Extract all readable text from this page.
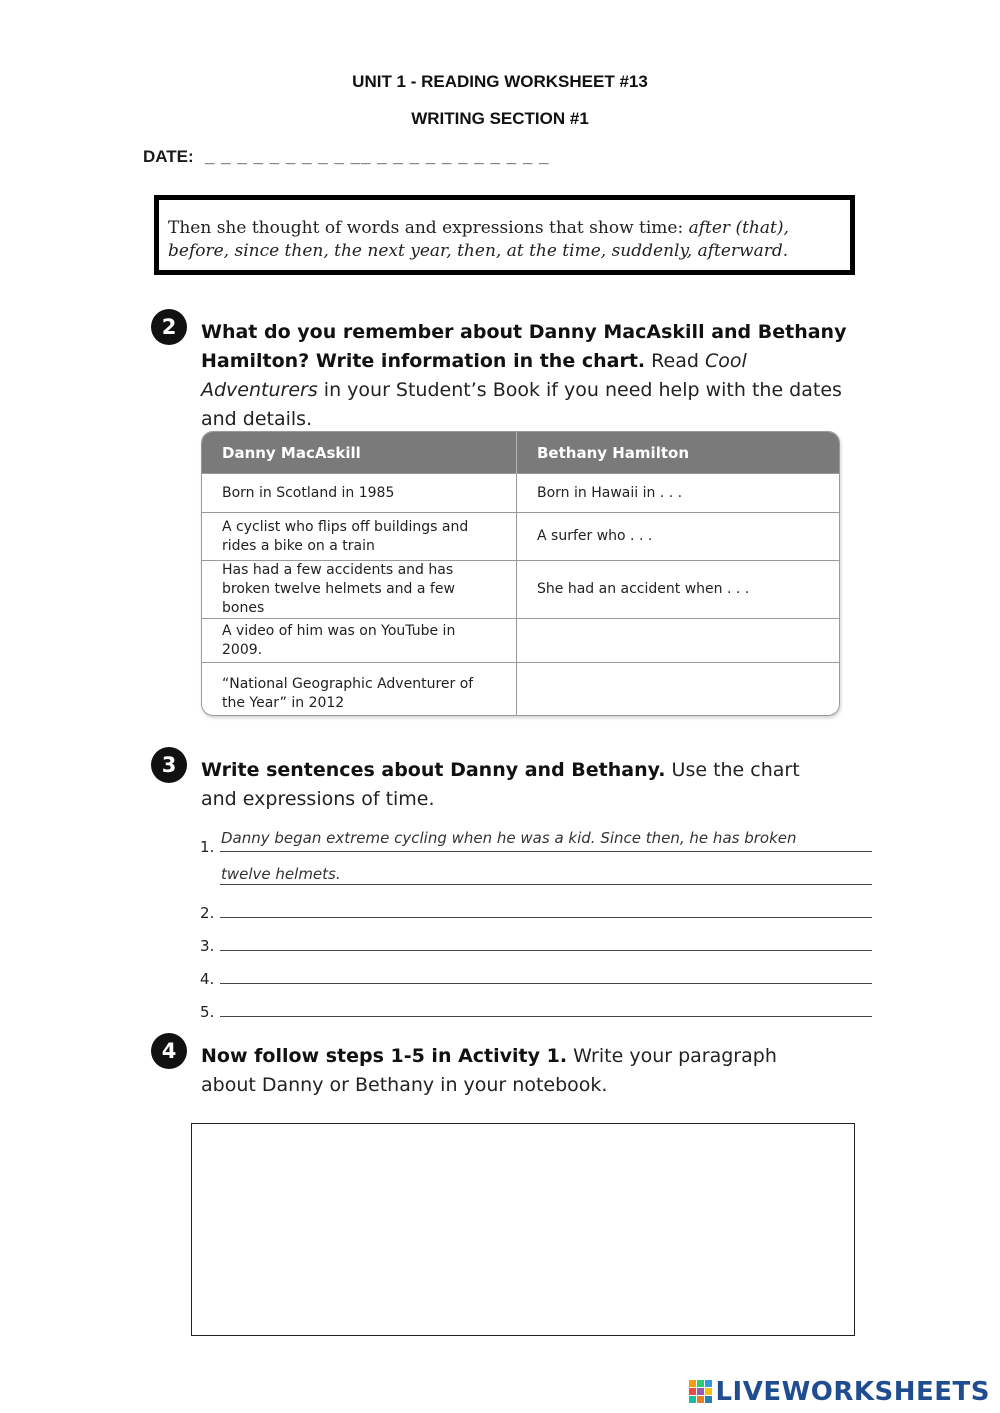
UNIT 1 - READING WORKSHEET #13
WRITING SECTION #1
DATE: _ _ _ _ _ _ _ _ _ __ _ _ _ _ _ _ _ _ _ _ _
Then she thought of words and expressions that show time: after (that), before, since then, the next year, then, at the time, suddenly, afterward.
2	What do you remember about Danny MacAskill and Bethany Hamilton? Write information in the chart. Read Cool Adventurers in your Student’s Book if you need help with the dates and details.
Danny MacAskill	Bethany Hamilton
Born in Scotland in 1985	Born in Hawaii in . . .
A cyclist who flips off buildings and rides a bike on a train	A surfer who . . .
Has had a few accidents and has broken twelve helmets and a few bones	She had an accident when . . .
A video of him was on YouTube in 2009.	
“National Geographic Adventurer of the Year” in 2012	
3	Write sentences about Danny and Bethany. Use the chart and expressions of time.
1. Danny began extreme cycling when he was a kid. Since then, he has broken
twelve helmets.
2.
3.
4.
5.
4	Now follow steps 1-5 in Activity 1. Write your paragraph about Danny or Bethany in your notebook.
LIVEWORKSHEETS
